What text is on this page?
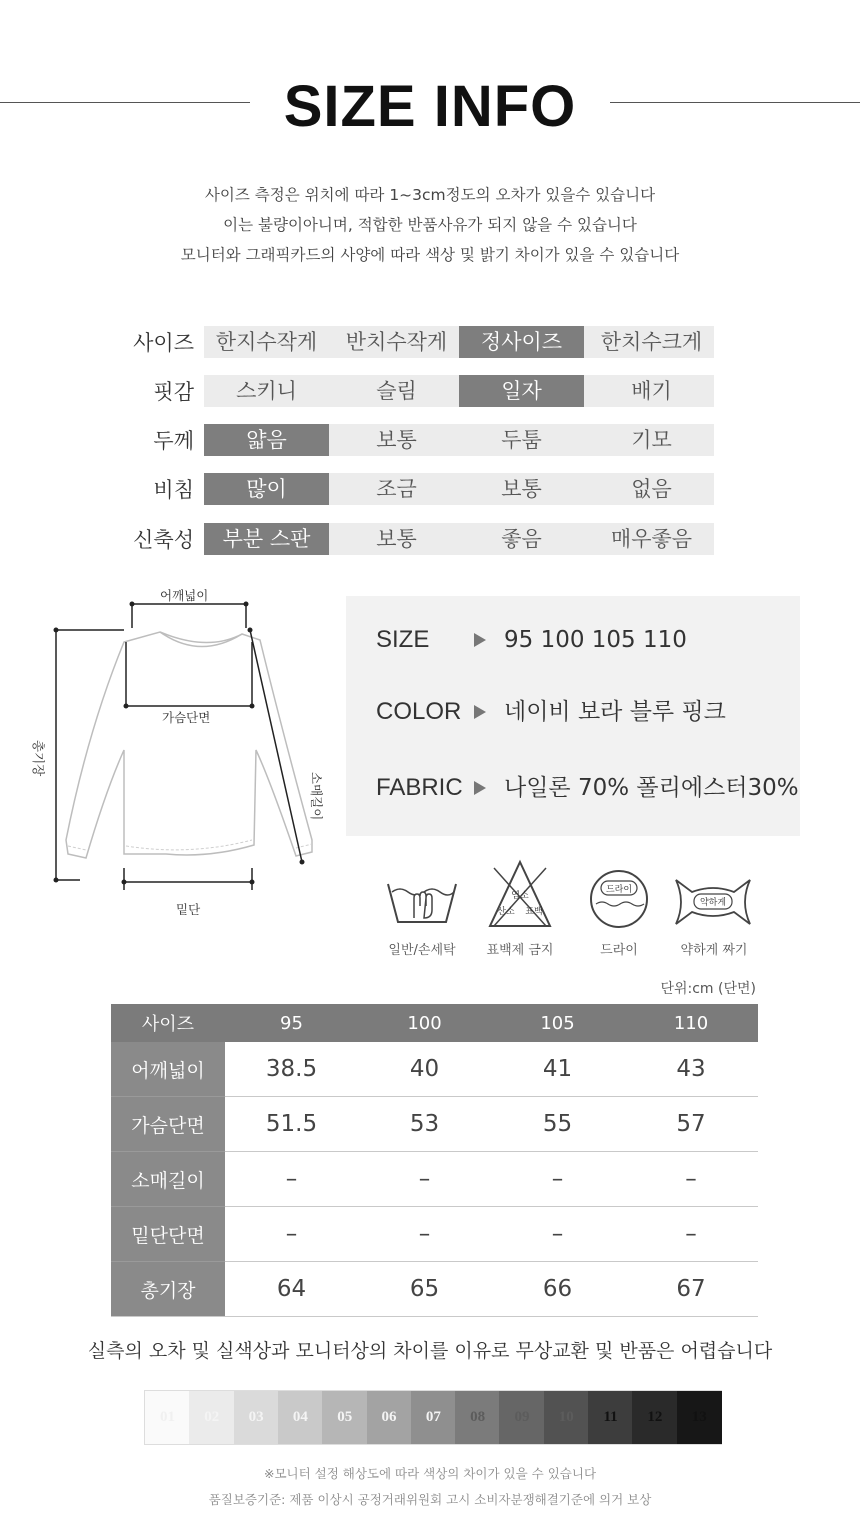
SIZE INFO
사이즈 측정은 위치에 따라 1~3cm정도의 오차가 있을수 있습니다
이는 불량이아니며, 적합한 반품사유가 되지 않을 수 있습니다
모니터와 그래픽카드의 사양에 따라 색상 및 밝기 차이가 있을 수 있습니다
사이즈	한지수작게	반치수작게	정사이즈	한치수크게
핏감	스키니	슬림	일자	배기
두께	얇음	보통	두툼	기모
비침	많이	조금	보통	없음
신축성	부분 스판	보통	좋음	매우좋음
어깨넓이
가슴단면
총기장
소매길이
밑단
SIZE	95 100 105 110
COLOR 네이비 보라 블루 핑크
FABRIC 나일론 70% 폴리에스터30%
염소
산소 표백
드라이
약하게
일반/손세탁	표백제 금지	드라이	약하게 짜기
단위:cm (단면)
사이즈	95	100	105	110
어깨넓이	38.5	40	41	43
가슴단면	51.5	53	55	57
소매길이	–	–	–	–
밑단단면	–	–	–	–
총기장	64	65	66	67
실측의 오차 및 실색상과 모니터상의 차이를 이유로 무상교환 및 반품은 어렵습니다
01	02	03	04	05	06	07	08	09	10	11	12	13
※모니터 설정 해상도에 따라 색상의 차이가 있을 수 있습니다
품질보증기준: 제품 이상시 공정거래위원회 고시 소비자분쟁해결기준에 의거 보상
